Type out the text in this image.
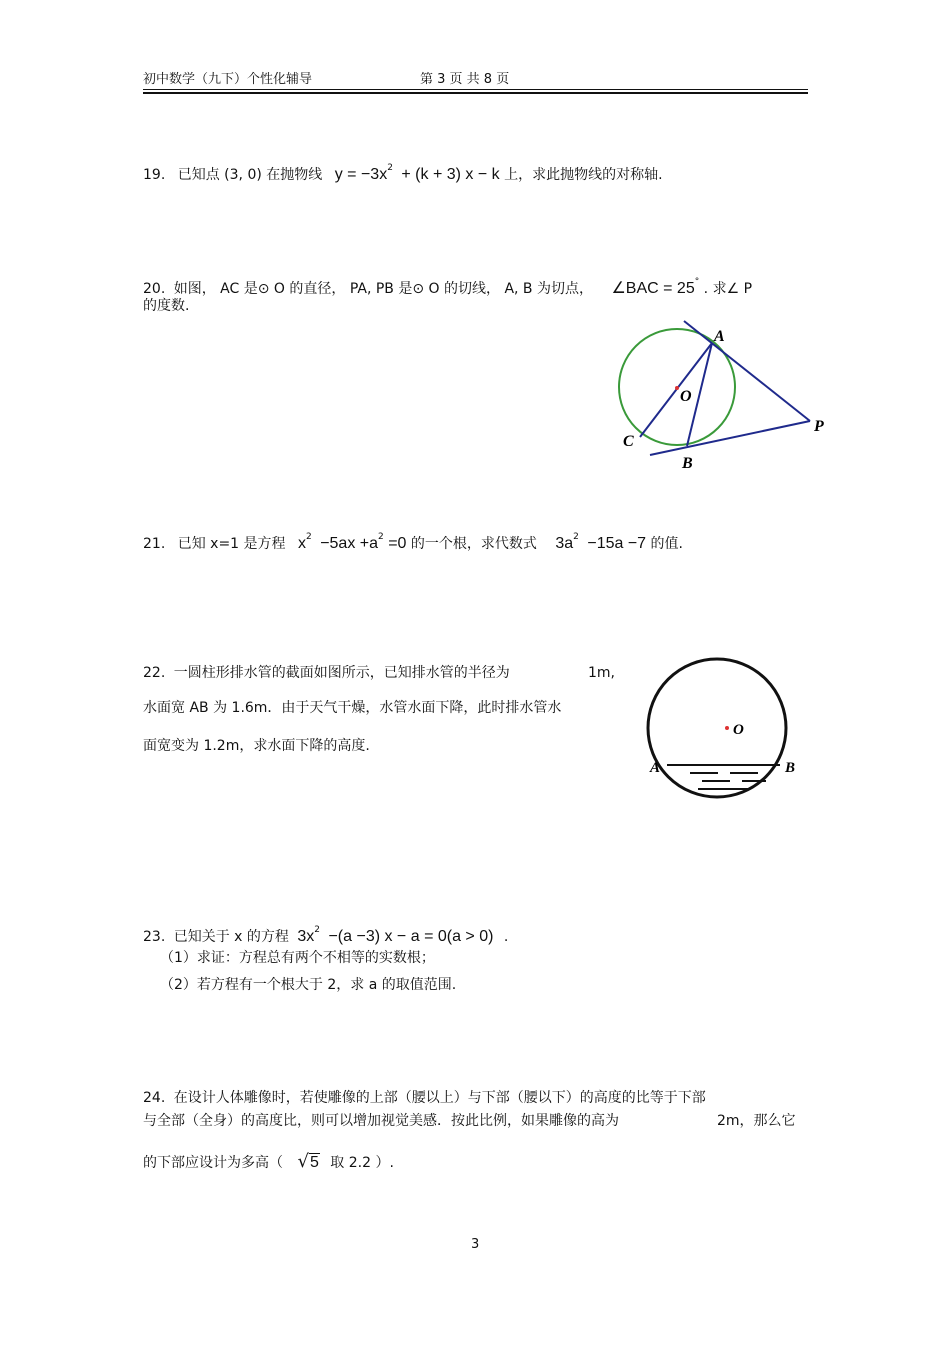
初中数学（九下）个性化辅导	第 3 页 共 8 页
19. 已知点 (3, 0) 在抛物线 $y = -3x^2 + (k + 3) x - k$ 上，求此抛物线的对称轴.
20. 如图， AC 是⊙ O 的直径， PA, PB 是⊙ O 的切线， A, B 为切点， ∠BAC = 25° . 求∠ P
的度数.
A
O
C
B
P
21. 已知 x=1 是方程 $x^2 -5ax +a^2 =0$ 的一个根，求代数式 $3a^2 -15a -7$ 的值.
22. 一圆柱形排水管的截面如图所示，已知排水管的半径为	1m,
水面宽 AB 为 1.6m．由于天气干燥，水管水面下降，此时排水管水
面宽变为 1.2m，求水面下降的高度.
O
A	B
23. 已知关于 x 的方程 $3x^2 -(a -3) x - a = 0(a > 0)$ .
（1）求证：方程总有两个不相等的实数根；
（2）若方程有一个根大于 2，求 a 的取值范围.
24. 在设计人体雕像时，若使雕像的上部（腰以上）与下部（腰以下）的高度的比等于下部
与全部（全身）的高度比，则可以增加视觉美感．按此比例，如果雕像的高为	2m，那么它
的下部应设计为多高（ √5 取 2.2 ）.
3
